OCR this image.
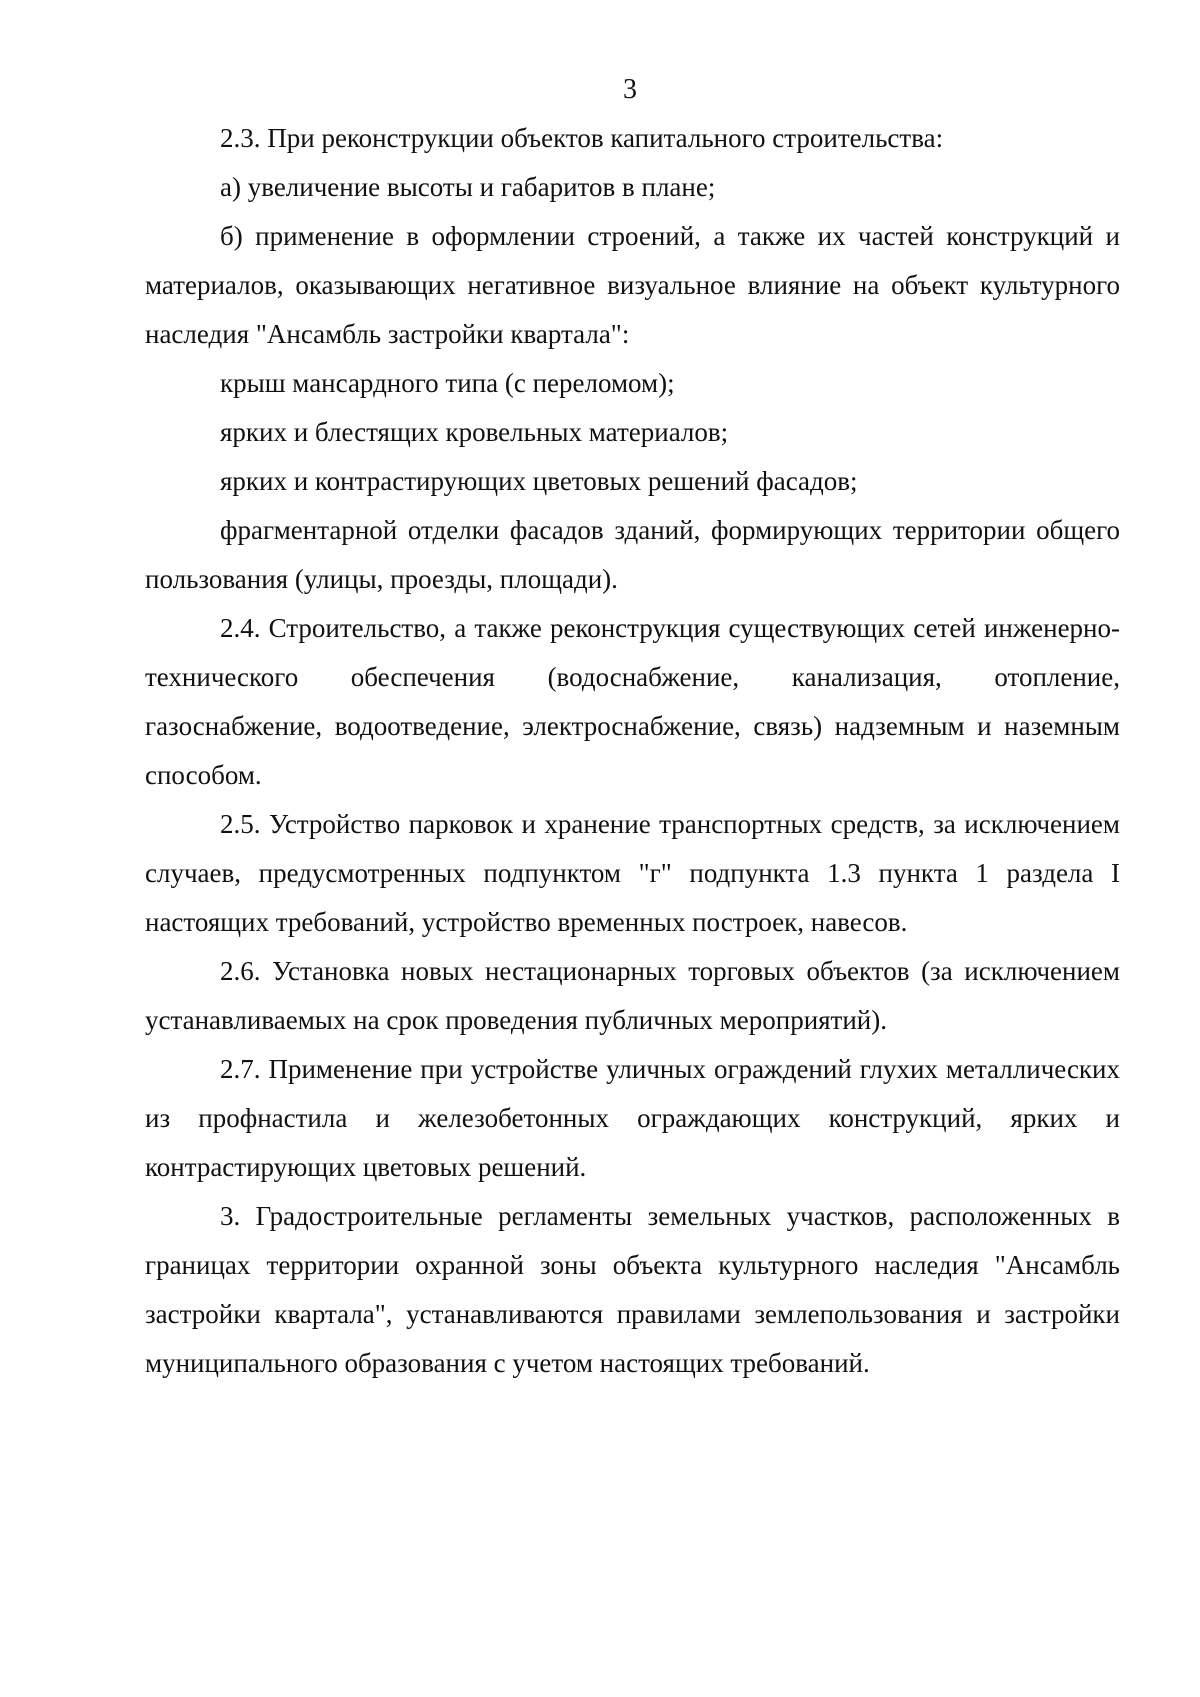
3

2.3. При реконструкции объектов капитального строительства:

а) увеличение высоты и габаритов в плане;

б) применение в оформлении строений, а также их частей конструкций и материалов, оказывающих негативное визуальное влияние на объект культурного наследия "Ансамбль застройки квартала":

крыш мансардного типа (с переломом);

ярких и блестящих кровельных материалов;

ярких и контрастирующих цветовых решений фасадов;

фрагментарной отделки фасадов зданий, формирующих территории общего пользования (улицы, проезды, площади).

2.4. Строительство, а также реконструкция существующих сетей инженерно-технического обеспечения (водоснабжение, канализация, отопление, газоснабжение, водоотведение, электроснабжение, связь) надземным и наземным способом.

2.5. Устройство парковок и хранение транспортных средств, за исключением случаев, предусмотренных подпунктом "г" подпункта 1.3 пункта 1 раздела I настоящих требований, устройство временных построек, навесов.

2.6. Установка новых нестационарных торговых объектов (за исключением устанавливаемых на срок проведения публичных мероприятий).

2.7. Применение при устройстве уличных ограждений глухих металлических из профнастила и железобетонных ограждающих конструкций, ярких и контрастирующих цветовых решений.

3. Градостроительные регламенты земельных участков, расположенных в границах территории охранной зоны объекта культурного наследия "Ансамбль застройки квартала", устанавливаются правилами землепользования и застройки муниципального образования с учетом настоящих требований.
